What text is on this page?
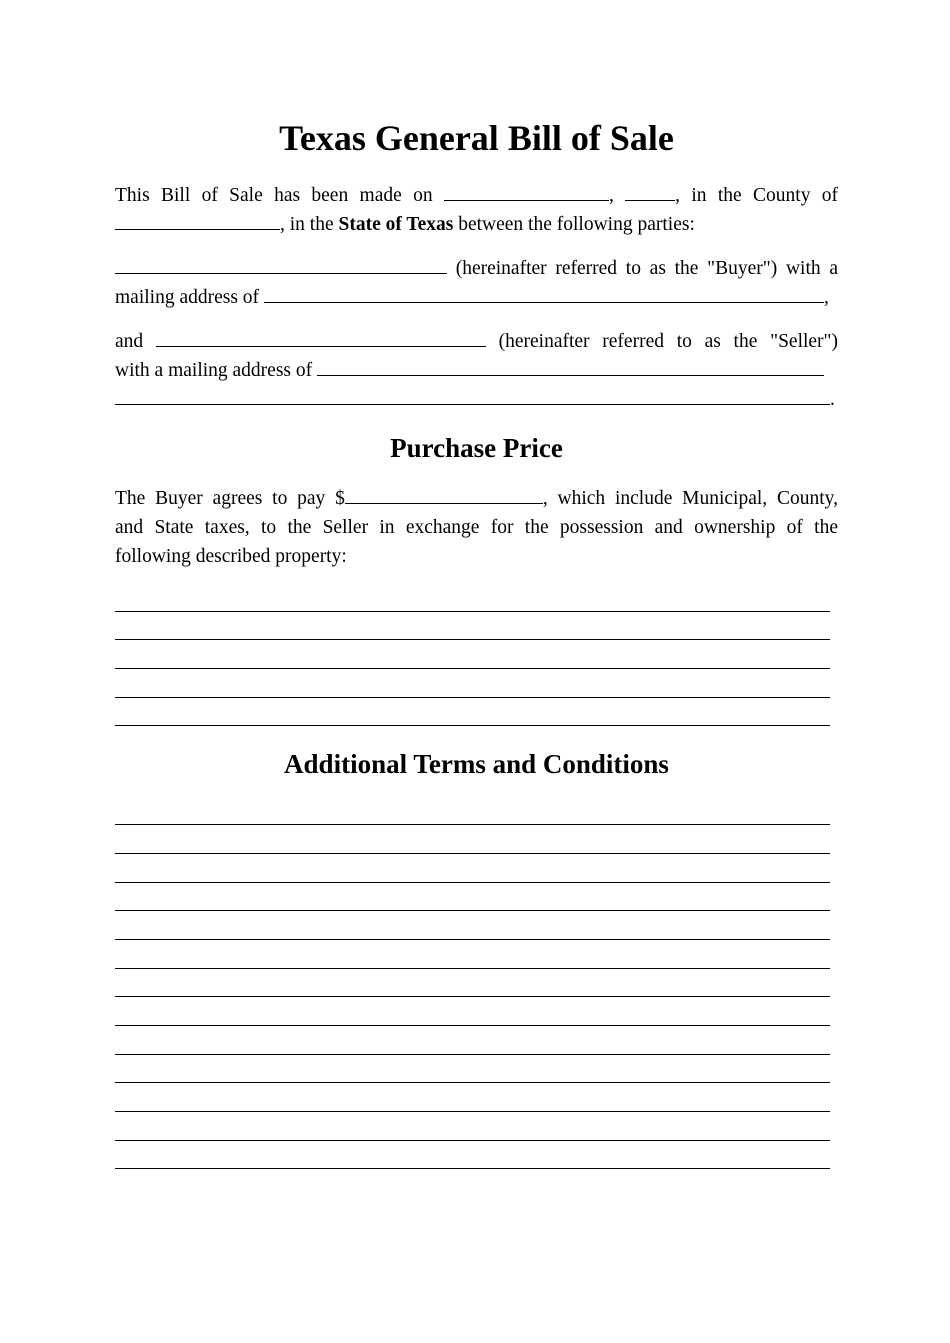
Texas General Bill of Sale
This Bill of Sale has been made on	,	, in the County of
, in the State of Texas between the following parties:
(hereinafter referred to as the "Buyer") with a
mailing address of	,
and	(hereinafter referred to as the "Seller")
with a mailing address of
.
Purchase Price
The Buyer agrees to pay $	, which include Municipal, County,
and State taxes, to the Seller in exchange for the possession and ownership of the
following described property:
Additional Terms and Conditions
